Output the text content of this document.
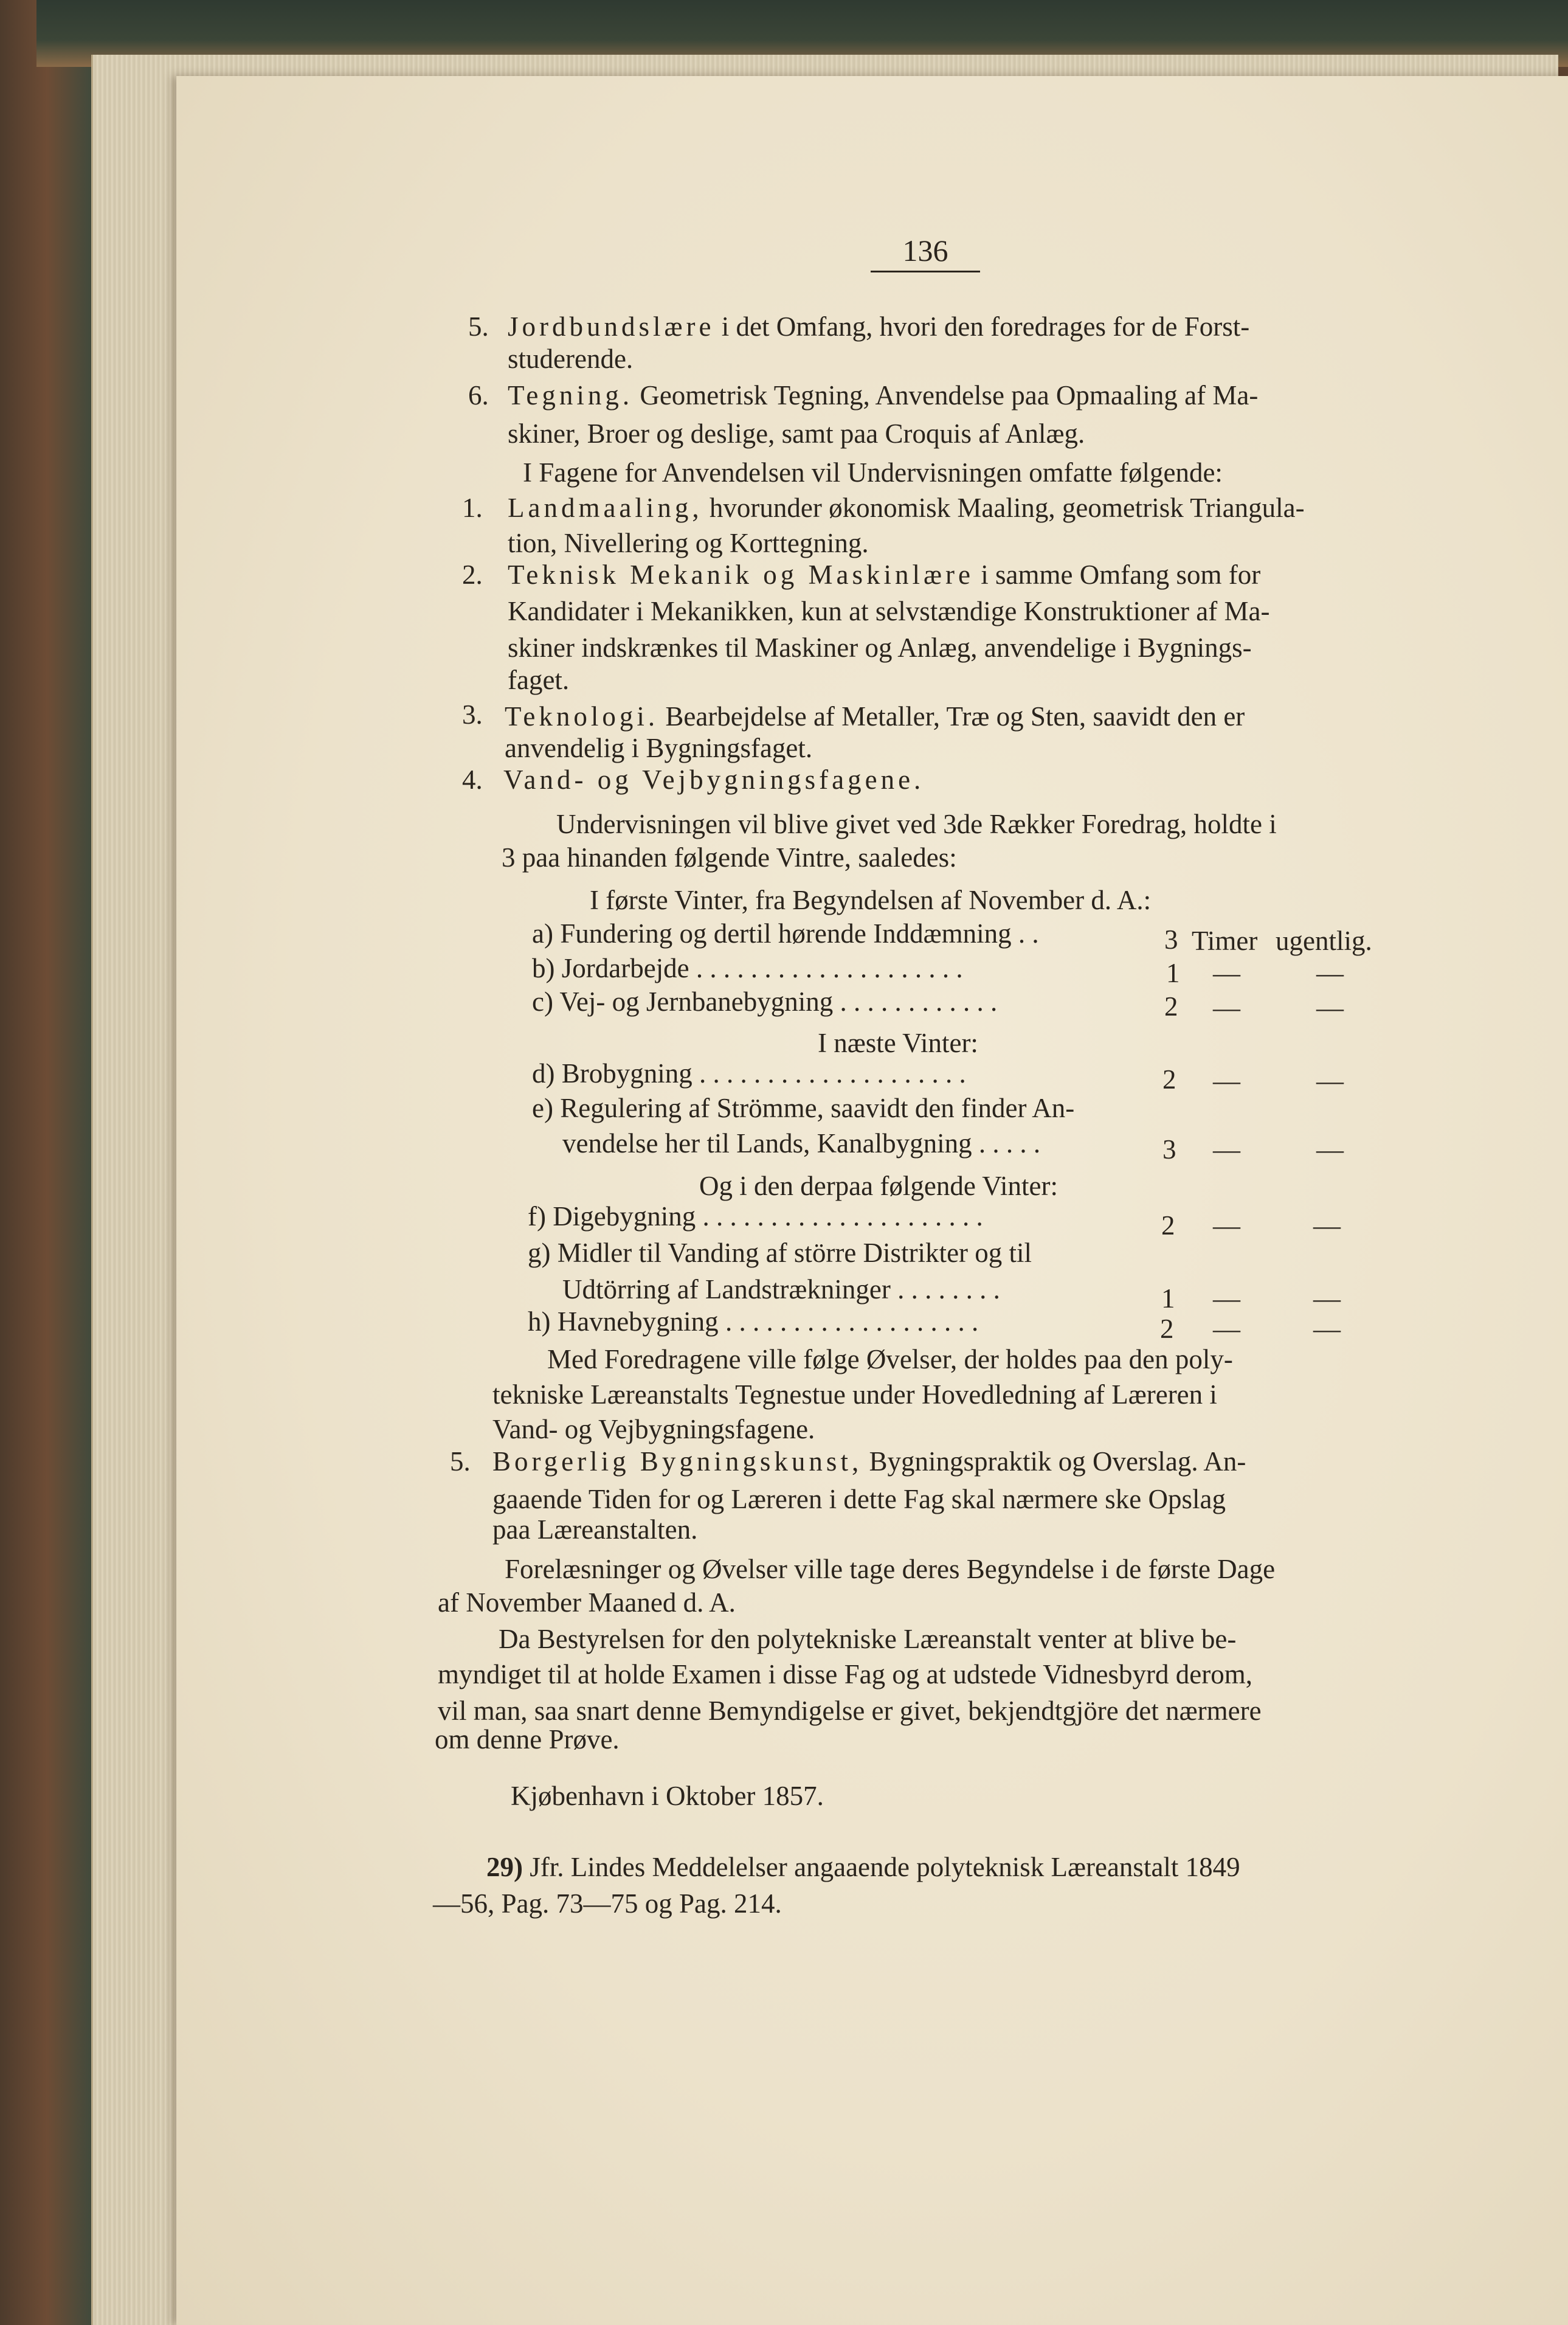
136
5. Jordbundslære i det Omfang, hvori den foredrages for de Forst-
studerende.
6. Tegning. Geometrisk Tegning, Anvendelse paa Opmaaling af Ma-
skiner, Broer og deslige, samt paa Croquis af Anlæg.
I Fagene for Anvendelsen vil Undervisningen omfatte følgende:
1. Landmaaling, hvorunder økonomisk Maaling, geometrisk Triangula-
tion, Nivellering og Korttegning.
2. Teknisk Mekanik og Maskinlære i samme Omfang som for
Kandidater i Mekanikken, kun at selvstændige Konstruktioner af Ma-
skiner indskrænkes til Maskiner og Anlæg, anvendelige i Bygnings-
faget.
3. Teknologi. Bearbejdelse af Metaller, Træ og Sten, saavidt den er
anvendelig i Bygningsfaget.
4. Vand- og Vejbygningsfagene.
Undervisningen vil blive givet ved 3de Rækker Foredrag, holdte i
3 paa hinanden følgende Vintre, saaledes:
I første Vinter, fra Begyndelsen af November d. A.:
a) Fundering og dertil hørende Inddæmning . .	3 Timer ugentlig.
b) Jordarbejde . . . . . . . . . . . . . . . . . . . .	1 —	—
c) Vej- og Jernbanebygning . . . . . . . . . . . .	2 —	—
I næste Vinter:
d) Brobygning . . . . . . . . . . . . . . . . . . . .	2 —	—
e) Regulering af Strömme, saavidt den finder An-
vendelse her til Lands, Kanalbygning . . . . .	3 —	—
Og i den derpaa følgende Vinter:
f) Digebygning . . . . . . . . . . . . . . . . . . . . .	2 —	—
g) Midler til Vanding af större Distrikter og til
Udtörring af Landstrækninger . . . . . . . .	1 —	—
h) Havnebygning . . . . . . . . . . . . . . . . . . .	2 —	—
Med Foredragene ville følge Øvelser, der holdes paa den poly-
tekniske Læreanstalts Tegnestue under Hovedledning af Læreren i
Vand- og Vejbygningsfagene.
5. Borgerlig Bygningskunst, Bygningspraktik og Overslag. An-
gaaende Tiden for og Læreren i dette Fag skal nærmere ske Opslag
paa Læreanstalten.
Forelæsninger og Øvelser ville tage deres Begyndelse i de første Dage
af November Maaned d. A.
Da Bestyrelsen for den polytekniske Læreanstalt venter at blive be-
myndiget til at holde Examen i disse Fag og at udstede Vidnesbyrd derom,
vil man, saa snart denne Bemyndigelse er givet, bekjendtgjöre det nærmere
om denne Prøve.
Kjøbenhavn i Oktober 1857.
29) Jfr. Lindes Meddelelser angaaende polyteknisk Læreanstalt 1849
—56, Pag. 73—75 og Pag. 214.
